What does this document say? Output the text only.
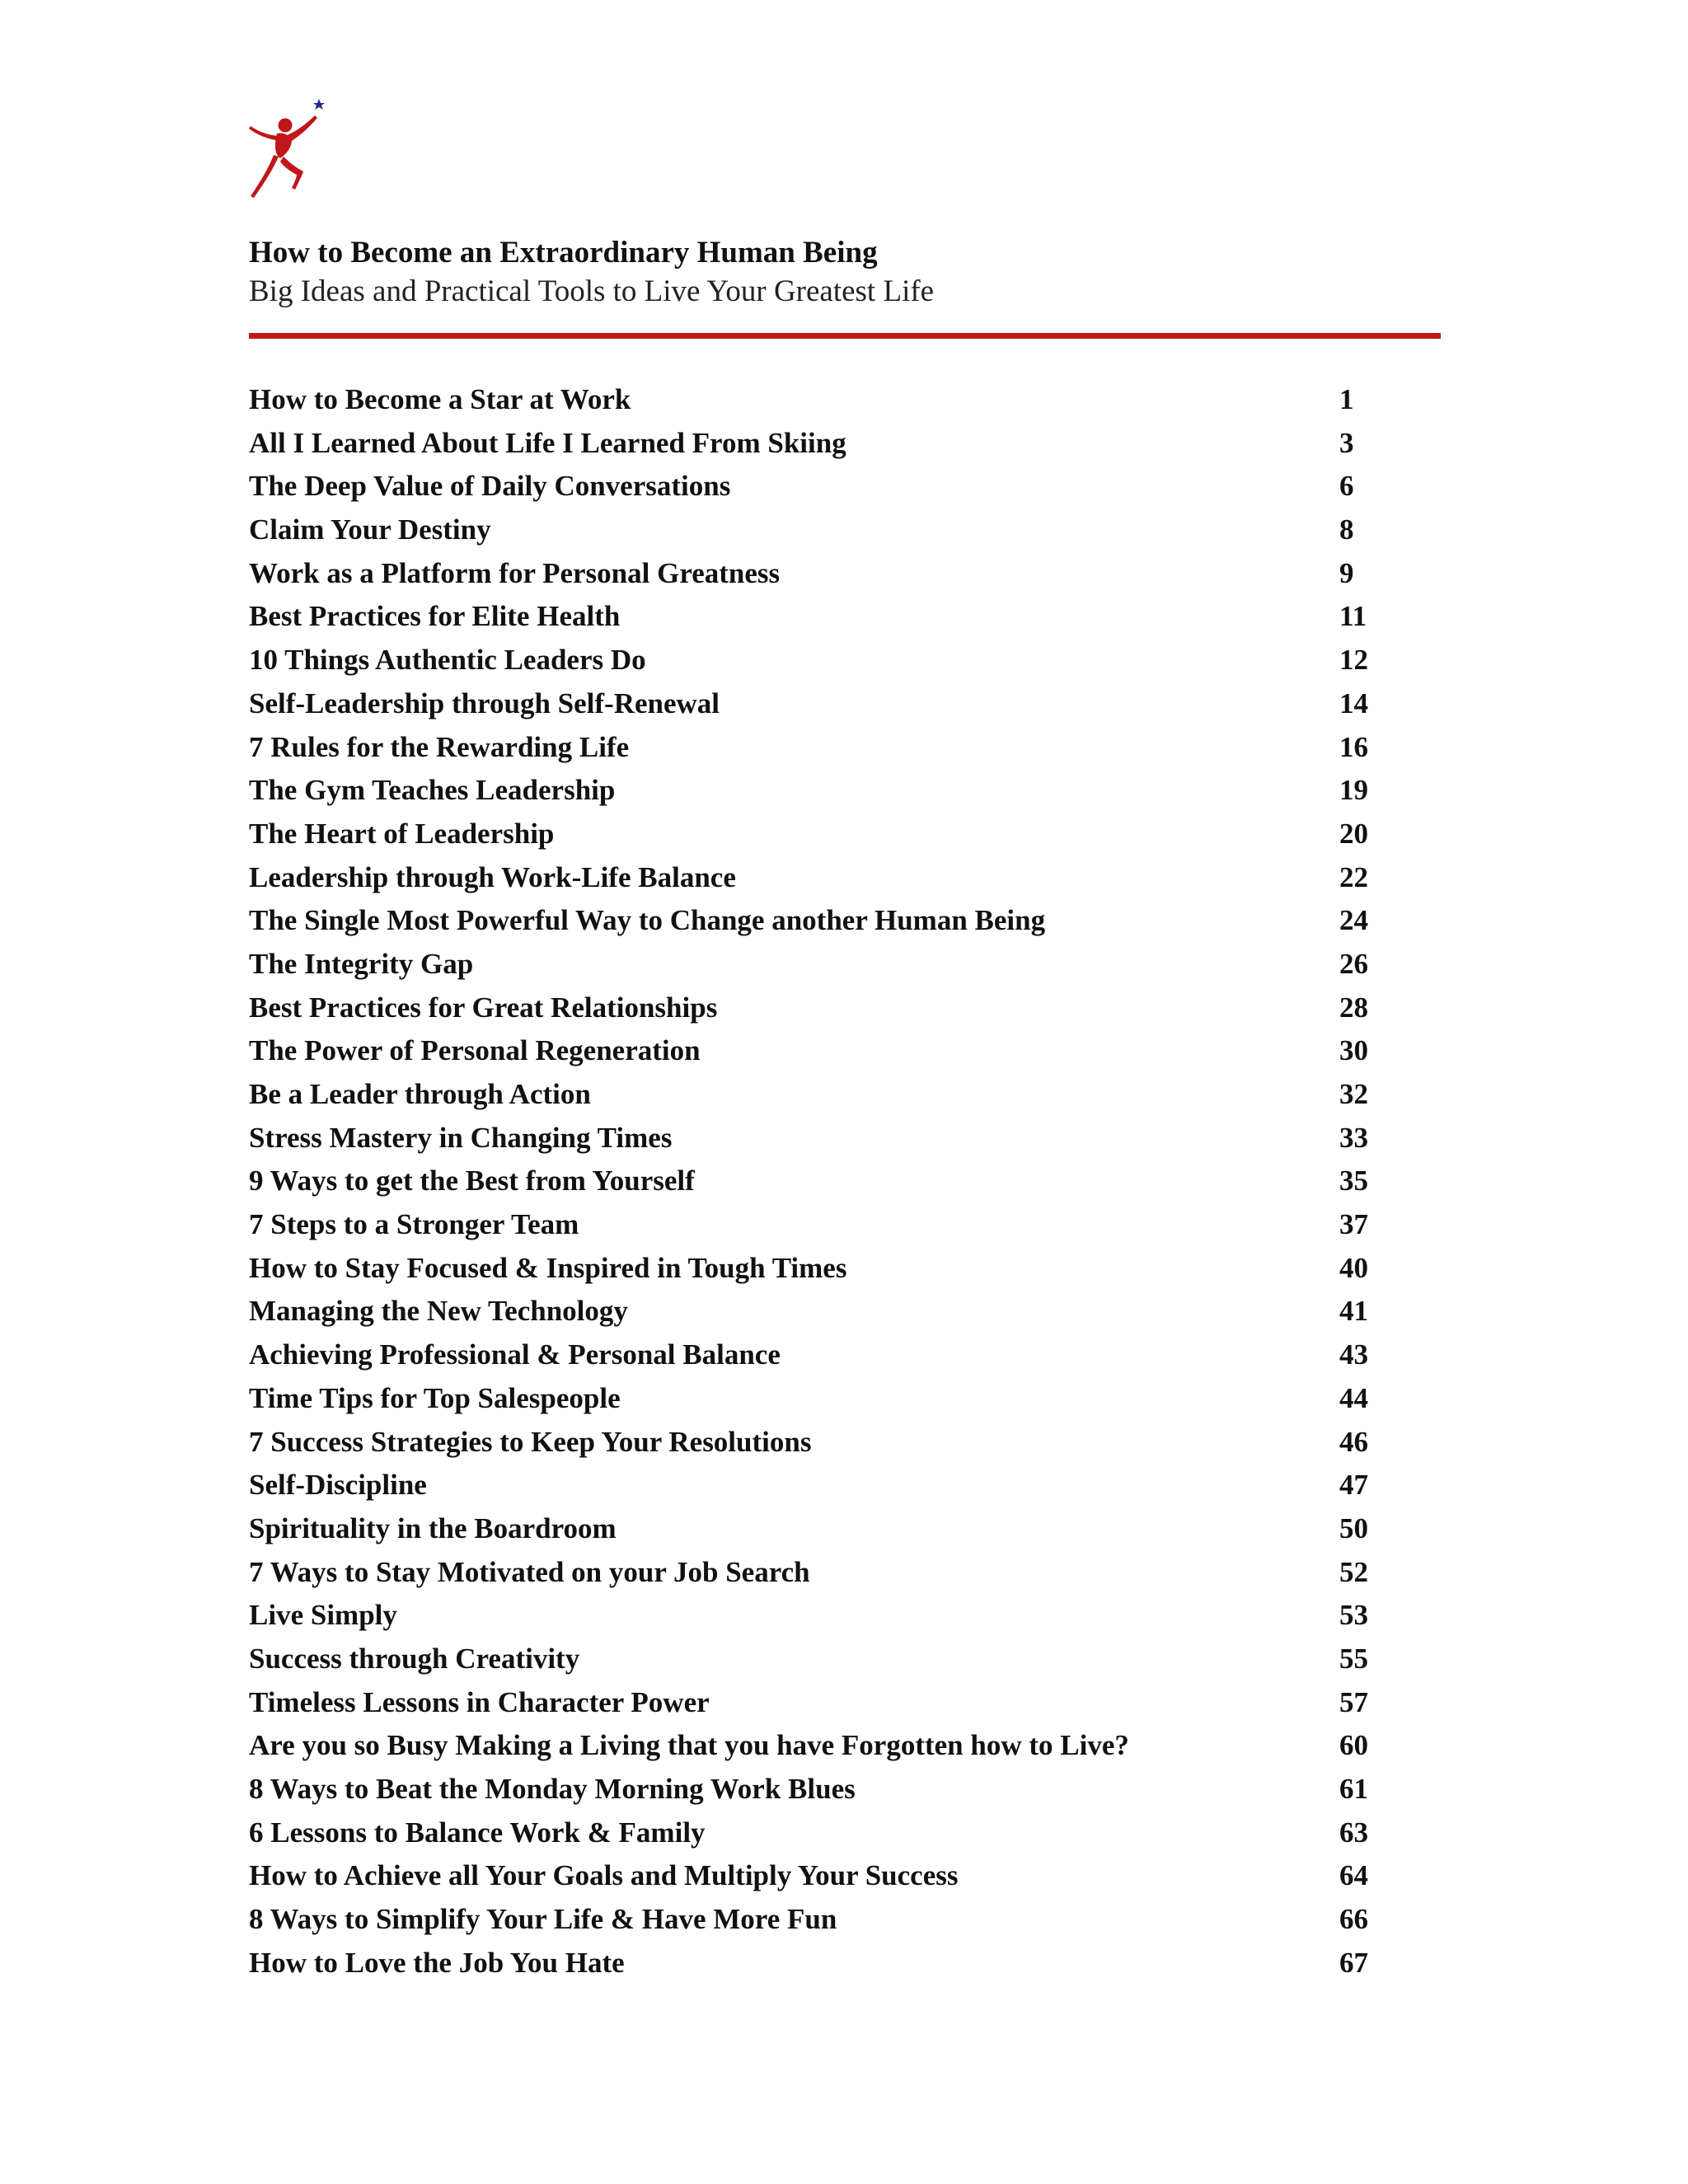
How to Become an Extraordinary Human Being

Big Ideas and Practical Tools to Live Your Greatest Life

How to Become a Star at Work	1
All I Learned About Life I Learned From Skiing	3
The Deep Value of Daily Conversations	6
Claim Your Destiny	8
Work as a Platform for Personal Greatness	9
Best Practices for Elite Health	11
10 Things Authentic Leaders Do	12
Self-Leadership through Self-Renewal	14
7 Rules for the Rewarding Life	16
The Gym Teaches Leadership	19
The Heart of Leadership	20
Leadership through Work-Life Balance	22
The Single Most Powerful Way to Change another Human Being	24
The Integrity Gap	26
Best Practices for Great Relationships	28
The Power of Personal Regeneration	30
Be a Leader through Action	32
Stress Mastery in Changing Times	33
9 Ways to get the Best from Yourself	35
7 Steps to a Stronger Team	37
How to Stay Focused & Inspired in Tough Times	40
Managing the New Technology	41
Achieving Professional & Personal Balance	43
Time Tips for Top Salespeople	44
7 Success Strategies to Keep Your Resolutions	46
Self-Discipline	47
Spirituality in the Boardroom	50
7 Ways to Stay Motivated on your Job Search	52
Live Simply	53
Success through Creativity	55
Timeless Lessons in Character Power	57
Are you so Busy Making a Living that you have Forgotten how to Live?	60
8 Ways to Beat the Monday Morning Work Blues	61
6 Lessons to Balance Work & Family	63
How to Achieve all Your Goals and Multiply Your Success	64
8 Ways to Simplify Your Life & Have More Fun	66
How to Love the Job You Hate	67
